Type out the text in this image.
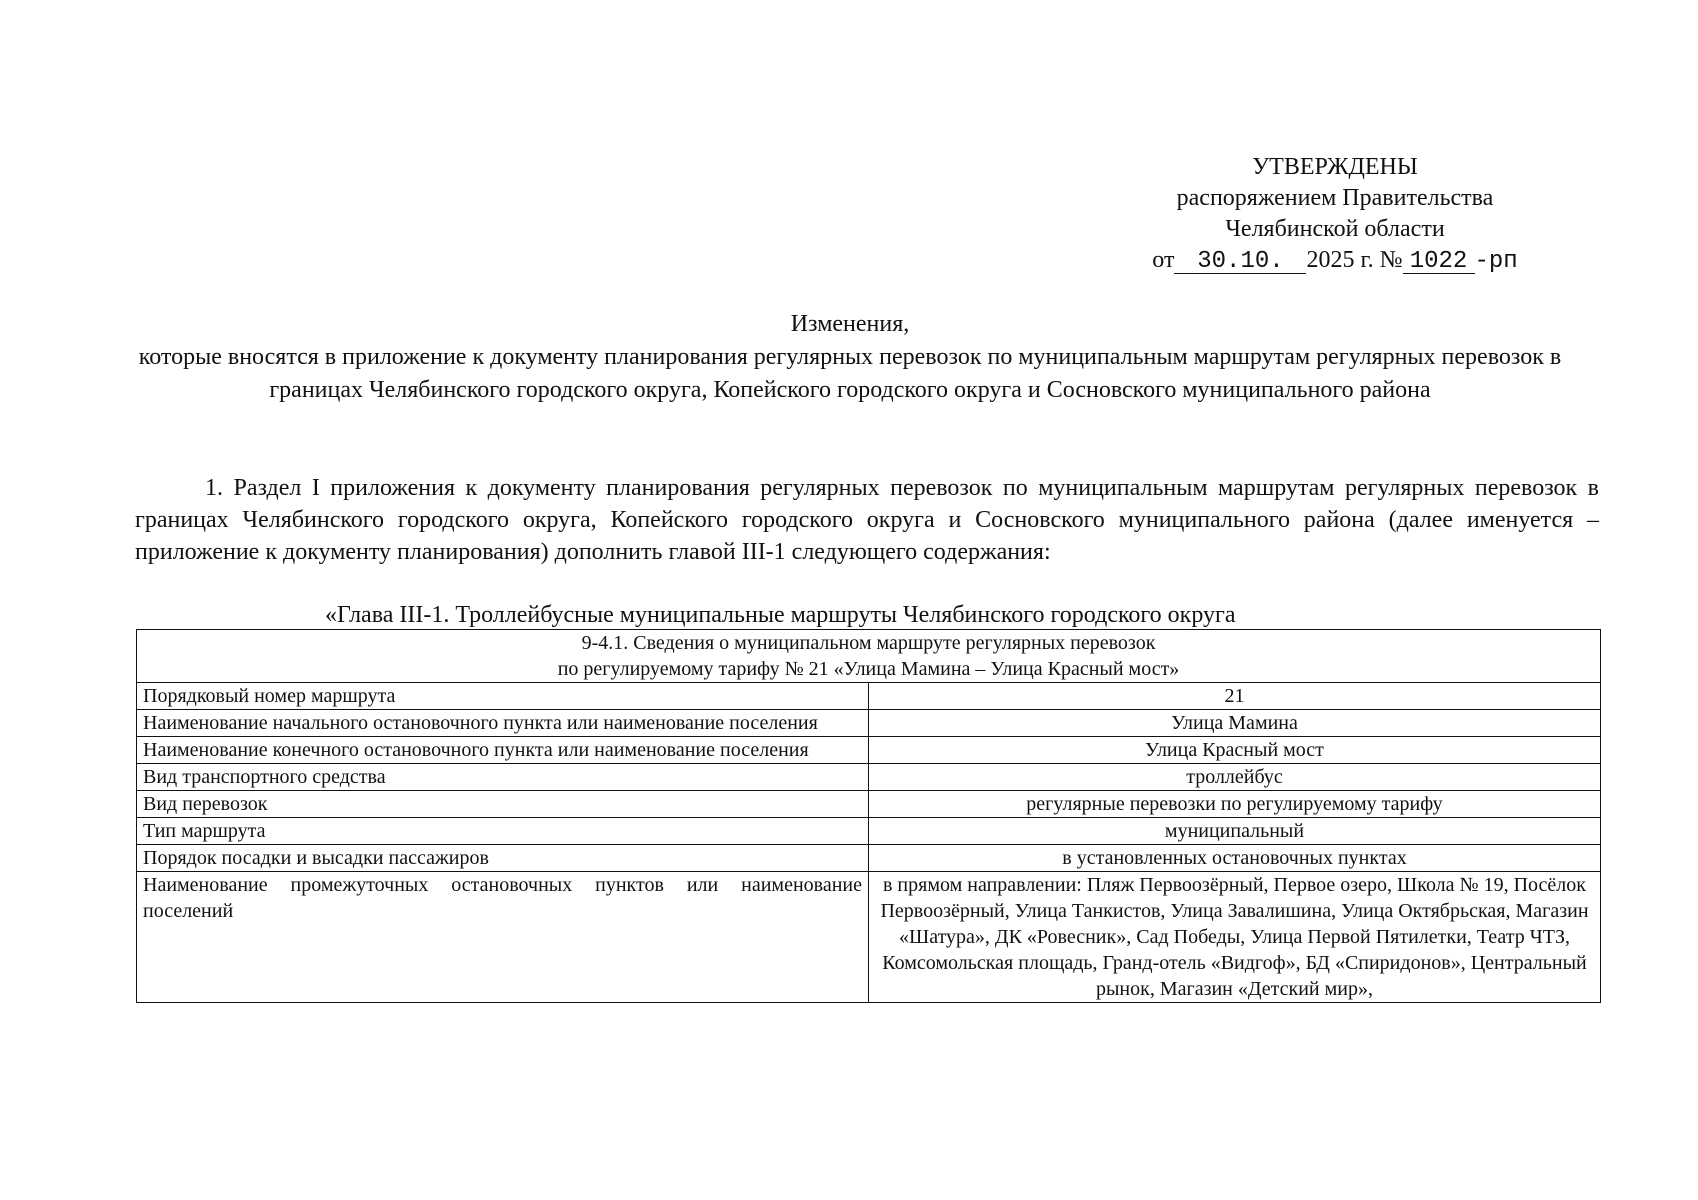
УТВЕРЖДЕНЫ
распоряжением Правительства
Челябинской области
от 30.10. 2025 г. № 1022 -рп
Изменения,
которые вносятся в приложение к документу планирования регулярных перевозок по муниципальным маршрутам регулярных перевозок в границах Челябинского городского округа, Копейского городского округа и Сосновского муниципального района
1. Раздел I приложения к документу планирования регулярных перевозок по муниципальным маршрутам регулярных перевозок в границах Челябинского городского округа, Копейского городского округа и Сосновского муниципального района (далее именуется – приложение к документу планирования) дополнить главой III-1 следующего содержания:
«Глава III-1. Троллейбусные муниципальные маршруты Челябинского городского округа
9-4.1. Сведения о муниципальном маршруте регулярных перевозок
по регулируемому тарифу № 21 «Улица Мамина – Улица Красный мост»	

Порядковый номер маршрута	21
Наименование начального остановочного пункта или наименование поселения	Улица Мамина
Наименование конечного остановочного пункта или наименование поселения	Улица Красный мост
Вид транспортного средства	троллейбус
Вид перевозок	регулярные перевозки по регулируемому тарифу
Тип маршрута	муниципальный
Порядок посадки и высадки пассажиров	в установленных остановочных пунктах
Наименование промежуточных остановочных пунктов или наименование поселений	в прямом направлении: Пляж Первоозёрный, Первое озеро, Школа № 19, Посёлок Первоозёрный, Улица Танкистов, Улица Завалишина, Улица Октябрьская, Магазин «Шатура», ДК «Ровесник», Сад Победы, Улица Первой Пятилетки, Театр ЧТЗ, Комсомольская площадь, Гранд-отель «Видгоф», БД «Спиридонов», Центральный рынок, Магазин «Детский мир»,
